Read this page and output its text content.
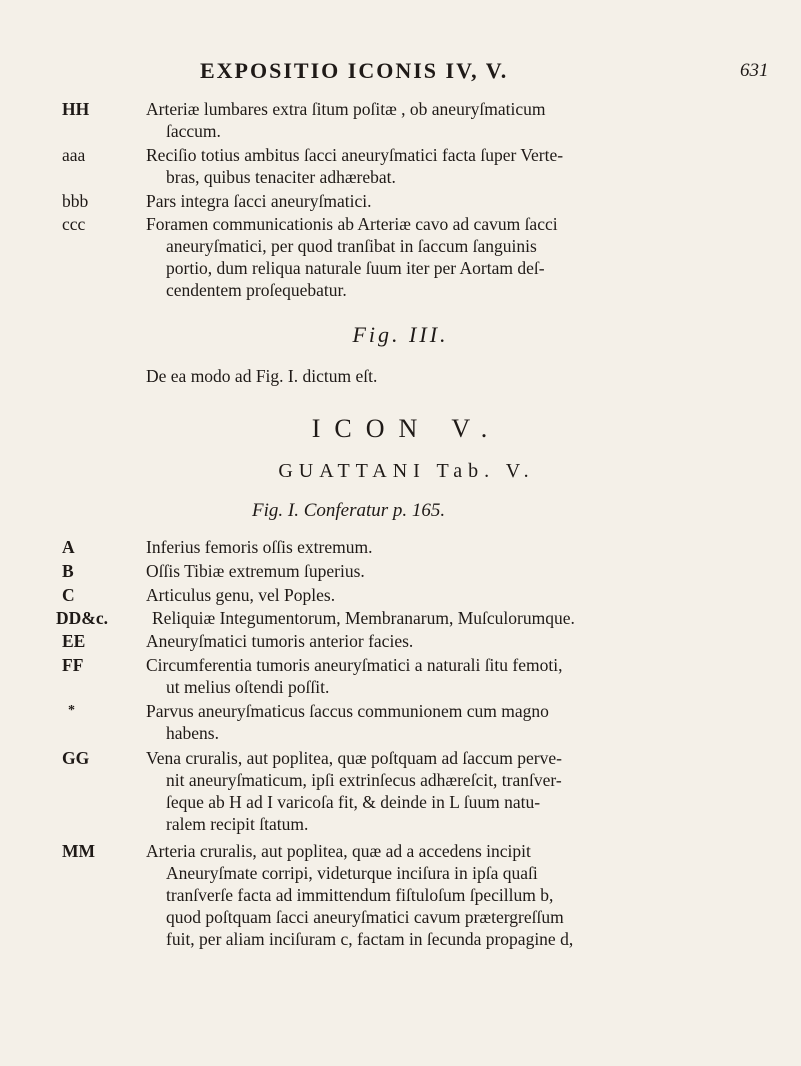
EXPOSITIO ICONIS IV, V.	631
HH	Arteriæ lumbares extra ſitum poſitæ , ob aneuryſmaticum
ſaccum.
aaa	Reciſio totius ambitus ſacci aneuryſmatici facta ſuper Verte-
bras, quibus tenaciter adhærebat.
bbb	Pars integra ſacci aneuryſmatici.
ccc	Foramen communicationis ab Arteriæ cavo ad cavum ſacci
aneuryſmatici, per quod tranſibat in ſaccum ſanguinis
portio, dum reliqua naturale ſuum iter per Aortam deſ-
cendentem proſequebatur.
Fig. III.
De ea modo ad Fig. I. dictum eſt.
ICON V.
GUATTANI Tab. V.
Fig. I. Conferatur p. 165.
A	Inferius femoris oſſis extremum.
B	Oſſis Tibiæ extremum ſuperius.
C	Articulus genu, vel Poples.
DD&c.	Reliquiæ Integumentorum, Membranarum, Muſculorumque.
EE	Aneuryſmatici tumoris anterior facies.
FF	Circumferentia tumoris aneuryſmatici a naturali ſitu femoti,
ut melius oſtendi poſſit.
*	Parvus aneuryſmaticus ſaccus communionem cum magno
habens.
GG	Vena cruralis, aut poplitea, quæ poſtquam ad ſaccum perve-
nit aneuryſmaticum, ipſi extrinſecus adhæreſcit, tranſver-
ſeque ab H ad I varicoſa fit, & deinde in L ſuum natu-
ralem recipit ſtatum.
MM	Arteria cruralis, aut poplitea, quæ ad a accedens incipit
Aneuryſmate corripi, videturque inciſura in ipſa quaſi
tranſverſe facta ad immittendum fiſtuloſum ſpecillum b,
quod poſtquam ſacci aneuryſmatici cavum prætergreſſum
fuit, per aliam inciſuram c, factam in ſecunda propagine d,
